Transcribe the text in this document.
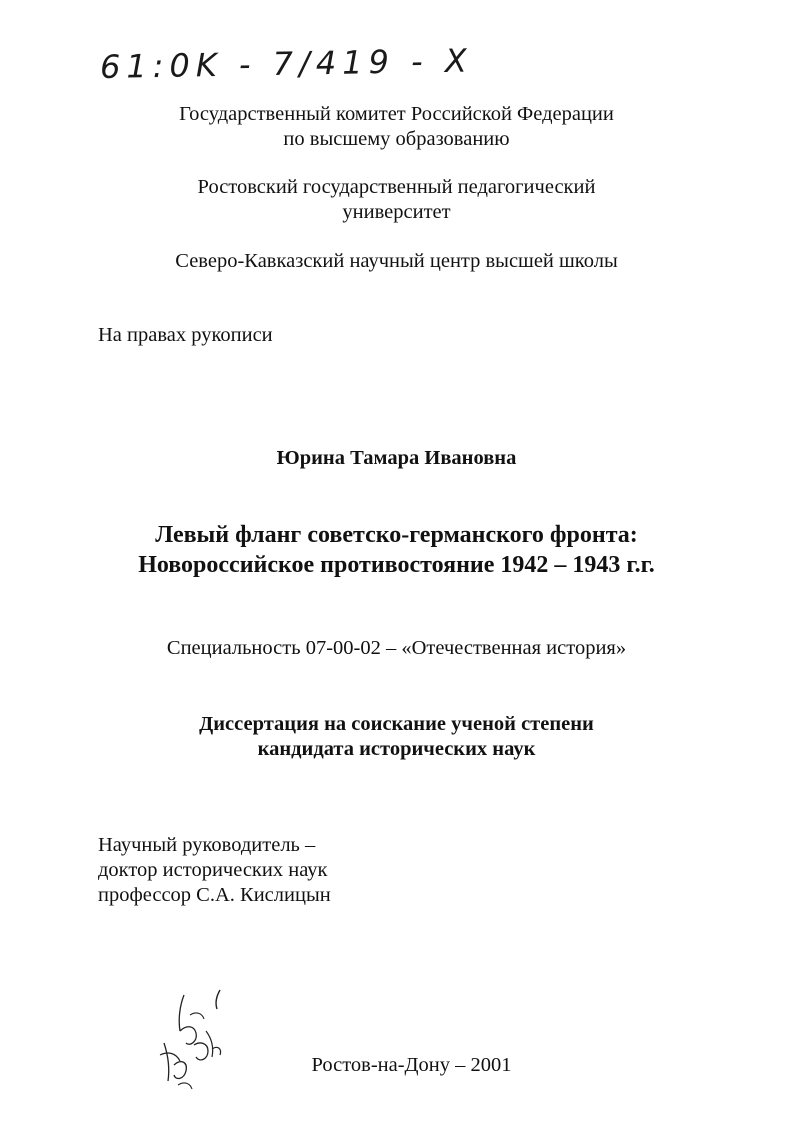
61:0K - 7/419 - X
Государственный комитет Российской Федерации
по высшему образованию
Ростовский государственный педагогический
университет
Северо-Кавказский научный центр высшей школы
На правах рукописи
Юрина Тамара Ивановна
Левый фланг советско-германского фронта:
Новороссийское противостояние 1942 – 1943 г.г.
Специальность 07-00-02 – «Отечественная история»
Диссертация на соискание ученой степени
кандидата исторических наук
Научный руководитель –
доктор исторических наук
профессор С.А. Кислицын
Ростов-на-Дону – 2001
